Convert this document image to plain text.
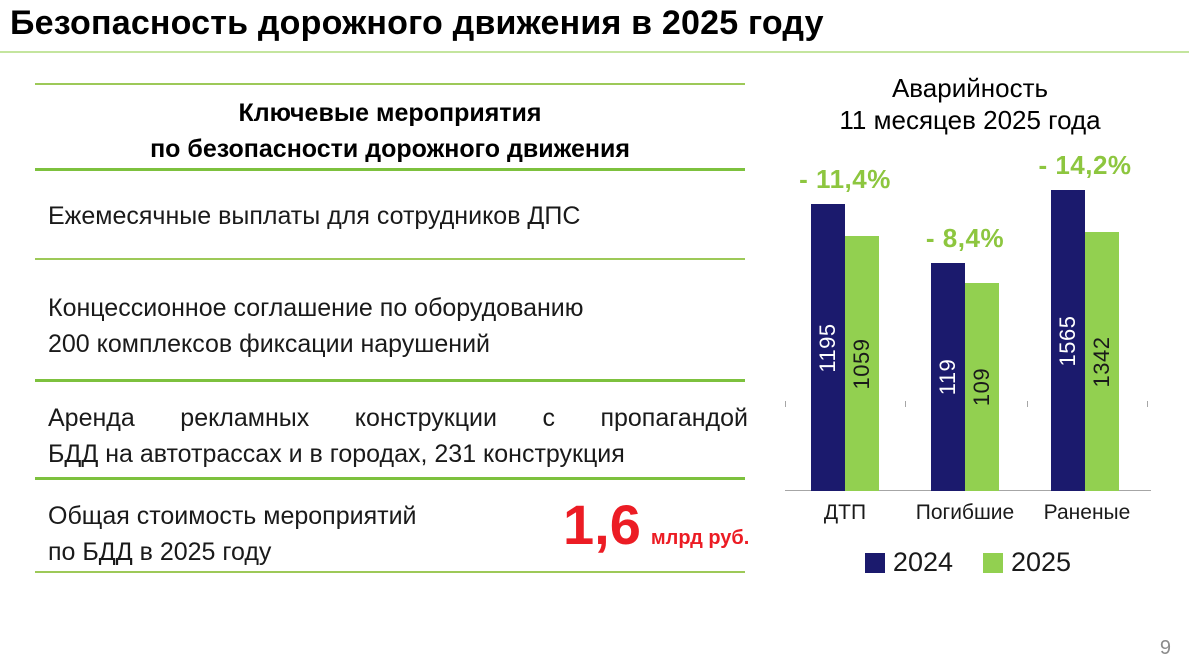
Безопасность дорожного движения в 2025 году
Ключевые мероприятия
по безопасности дорожного движения
Ежемесячные выплаты для сотрудников ДПС
Концессионное соглашение по оборудованию
200 комплексов фиксации нарушений
Аренда рекламных конструкции с пропагандой
БДД на автотрассах и в городах, 231 конструкция
Общая стоимость мероприятий
по БДД в 2025 году	1,6 млрд руб.
Аварийность
11 месяцев 2025 года
1195
119
1565
1059	109
1342
- 11,4%
- 8,4%
- 14,2%
2024 2025
ДТП Погибшие Раненые
9
